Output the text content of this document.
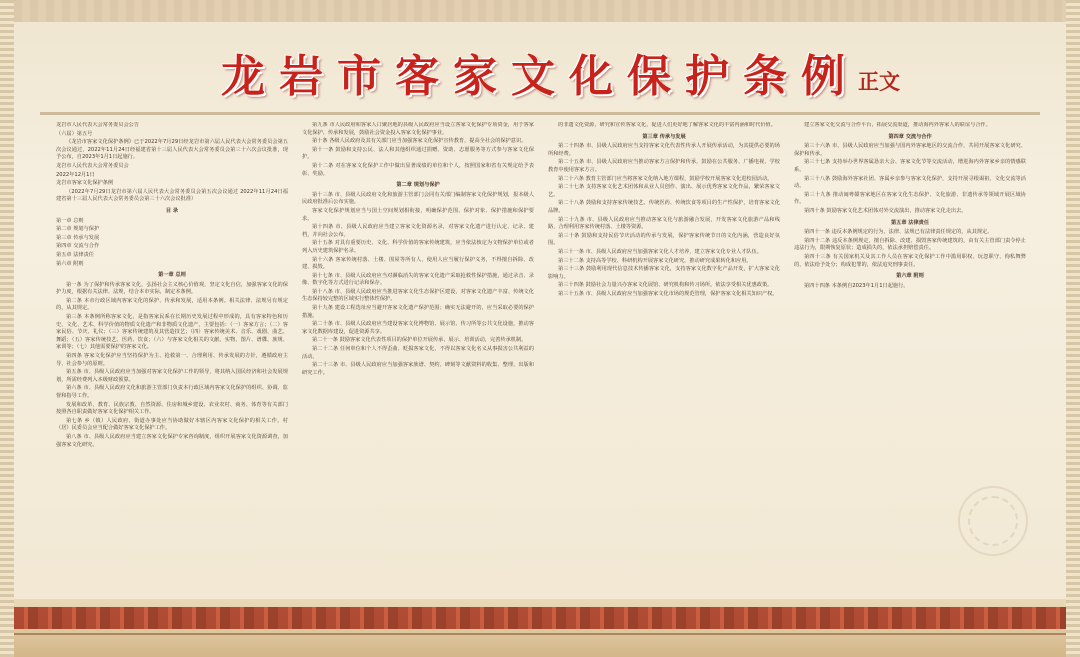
龙岩市客家文化保护条例 正文

龙岩市人民代表大会常务委员会公告

（六届）第五号

《龙岩市客家文化保护条例》已于2022年7月29日经龙岩市第六届人民代表大会常务委员会第五次会议通过，2022年11月24日经福建省第十三届人民代表大会常务委员会第三十六次会议批准，现予公布，自2023年1月1日起施行。

龙岩市人民代表大会常务委员会

2022年12月1日

龙岩市客家文化保护条例

（2022年7月29日龙岩市第六届人民代表大会常务委员会第五次会议通过 2022年11月24日福建省第十三届人民代表大会常务委员会第三十六次会议批准）

目 录

第一章 总则

第二章 规划与保护

第三章 传承与发展

第四章 交流与合作

第五章 法律责任

第六章 附则

第一章 总则

第一条 为了保护和传承客家文化，弘扬社会主义核心价值观，坚定文化自信，加强客家文化的保护力度，根据有关法律、法规，结合本市实际，制定本条例。

第二条 本市行政区域内客家文化的保护、传承和发展，适用本条例。相关法律、法规另有规定的，从其规定。

第三条 本条例所称客家文化，是指客家民系在长期历史发展过程中形成的，具有客家特色和历史、文化、艺术、科学价值的物质文化遗产和非物质文化遗产，主要包括：（一）客家方言；（二）客家民俗、节庆、礼仪；（三）客家传统建筑及其营造技艺；（四）客家传统美术、音乐、戏剧、曲艺、舞蹈；（五）客家传统技艺、医药、饮食；（六）与客家文化相关的文献、实物、图片、谱牒、族规、家训等；（七）其他需要保护的客家文化。

第四条 客家文化保护应当坚持保护为主、抢救第一、合理利用、传承发展的方针，遵循政府主导、社会参与的原则。

第五条 市、县级人民政府应当加强对客家文化保护工作的领导，将其纳入国民经济和社会发展规划，所需经费列入本级财政预算。

第六条 市、县级人民政府文化和旅游主管部门负责本行政区域内客家文化保护的组织、协调、监督和指导工作。

发展和改革、教育、民族宗教、自然资源、住房和城乡建设、农业农村、商务、体育等有关部门按照各自职责做好客家文化保护相关工作。

第七条 乡（镇）人民政府、街道办事处应当协助做好本辖区内客家文化保护的相关工作。村（居）民委员会应当配合做好客家文化保护工作。

第八条 市、县级人民政府应当建立客家文化保护专家咨询制度，组织开展客家文化资源调查，加强客家文化研究。

第九条 市人民政府和客家人口聚居地的县级人民政府应当设立客家文化保护专项资金，用于客家文化保护、传承和发展，鼓励社会资金投入客家文化保护事业。

第十条 各级人民政府及其有关部门应当加强客家文化保护宣传教育，提高全社会的保护意识。

第十一条 鼓励和支持公民、法人和其他组织通过捐赠、资助、志愿服务等方式参与客家文化保护。

第十二条 对在客家文化保护工作中做出显著成绩的单位和个人，按照国家和省有关规定给予表彰、奖励。

第二章 规划与保护

第十三条 市、县级人民政府文化和旅游主管部门会同有关部门编制客家文化保护规划，报本级人民政府批准后公布实施。

客家文化保护规划应当与国土空间规划相衔接，明确保护范围、保护对象、保护措施和保护要求。

第十四条 市、县级人民政府应当建立客家文化资源名录，对客家文化遗产进行认定、记录、建档，并向社会公布。

第十五条 对具有重要历史、文化、科学价值的客家传统建筑，应当依法核定为文物保护单位或者列入历史建筑保护名录。

第十六条 客家传统村落、土楼、围屋等所有人、使用人应当履行保护义务，不得擅自拆除、改建、损毁。

第十七条 市、县级人民政府应当对濒临消失的客家文化遗产采取抢救性保护措施，通过录音、录像、数字化等方式进行记录和保存。

第十八条 市、县级人民政府应当推进客家文化生态保护区建设，对客家文化遗产丰富、传统文化生态保持较完整的区域实行整体性保护。

第十九条 建设工程选址应当避开客家文化遗产保护范围；确实无法避开的，应当采取必要的保护措施。

第二十条 市、县级人民政府应当建设客家文化博物馆、展示馆、传习所等公共文化设施，推动客家文化数据库建设，促进资源共享。

第二十一条 鼓励客家文化代表性项目的保护单位开展传承、展示、培训活动，完善传承机制。

第二十二条 任何单位和个人不得歪曲、贬损客家文化，不得以客家文化名义从事损害公共利益的活动。

第二十三条 市、县级人民政府应当加强客家族谱、契约、碑刻等文献资料的收集、整理、出版和研究工作。

的非遗文化资源，研究和宣传客家文化，促进人们更好地了解客家文化的丰富内涵和时代价值。

第三章 传承与发展

第二十四条 市、县级人民政府应当支持客家文化代表性传承人开展传承活动，为其提供必要的场所和经费。

第二十五条 市、县级人民政府应当推动客家方言保护和传承，鼓励在公共服务、广播电视、学校教育中使用客家方言。

第二十六条 教育主管部门应当将客家文化纳入地方课程，鼓励学校开展客家文化进校园活动。

第二十七条 支持客家文化艺术团体和从业人员创作、演出、展示优秀客家文化作品，繁荣客家文艺。

第二十八条 鼓励和支持客家传统技艺、传统医药、传统饮食等项目的生产性保护，培育客家文化品牌。

第二十九条 市、县级人民政府应当推动客家文化与旅游融合发展，开发客家文化旅游产品和线路，合理利用客家传统村落、土楼等资源。

第三十条 鼓励和支持民俗节庆活动的传承与发展，保护客家传统节日的文化内涵，营造良好氛围。

第三十一条 市、县级人民政府应当加强客家文化人才培养，建立客家文化专业人才队伍。

第三十二条 支持高等学校、科研机构开展客家文化研究，推动研究成果转化和应用。

第三十三条 鼓励利用现代信息技术传播客家文化，支持客家文化数字化产品开发，扩大客家文化影响力。

第三十四条 鼓励社会力量兴办客家文化展馆、研究机构和传习场所，依法享受相关优惠政策。

第三十五条 市、县级人民政府应当加强客家文化市场的规范管理，保护客家文化相关知识产权。

建立客家文化交流与合作平台，拓展交流渠道，推动海内外客家人的联谊与合作。

第四章 交流与合作

第三十六条 市、县级人民政府应当加强与国内外客家地区的交流合作，共同开展客家文化研究、保护和传承。

第三十七条 支持举办世界客属恳亲大会、客家文化节等交流活动，增进海内外客家乡亲的情感联系。

第三十八条 鼓励海外客家社团、客属乡亲参与客家文化保护，支持开展寻根谒祖、文化交流等活动。

第三十九条 推动闽粤赣客家地区在客家文化生态保护、文化旅游、非遗传承等领域开展区域协作。

第四十条 鼓励客家文化艺术团体对外交流演出，推动客家文化走出去。

第五章 法律责任

第四十一条 违反本条例规定的行为，法律、法规已有法律责任规定的，从其规定。

第四十二条 违反本条例规定，擅自拆除、改建、损毁客家传统建筑的，由有关主管部门责令停止违法行为，限期恢复原状；造成损失的，依法承担赔偿责任。

第四十三条 有关国家机关及其工作人员在客家文化保护工作中滥用职权、玩忽职守、徇私舞弊的，依法给予处分；构成犯罪的，依法追究刑事责任。

第六章 附则

第四十四条 本条例自2023年1月1日起施行。
